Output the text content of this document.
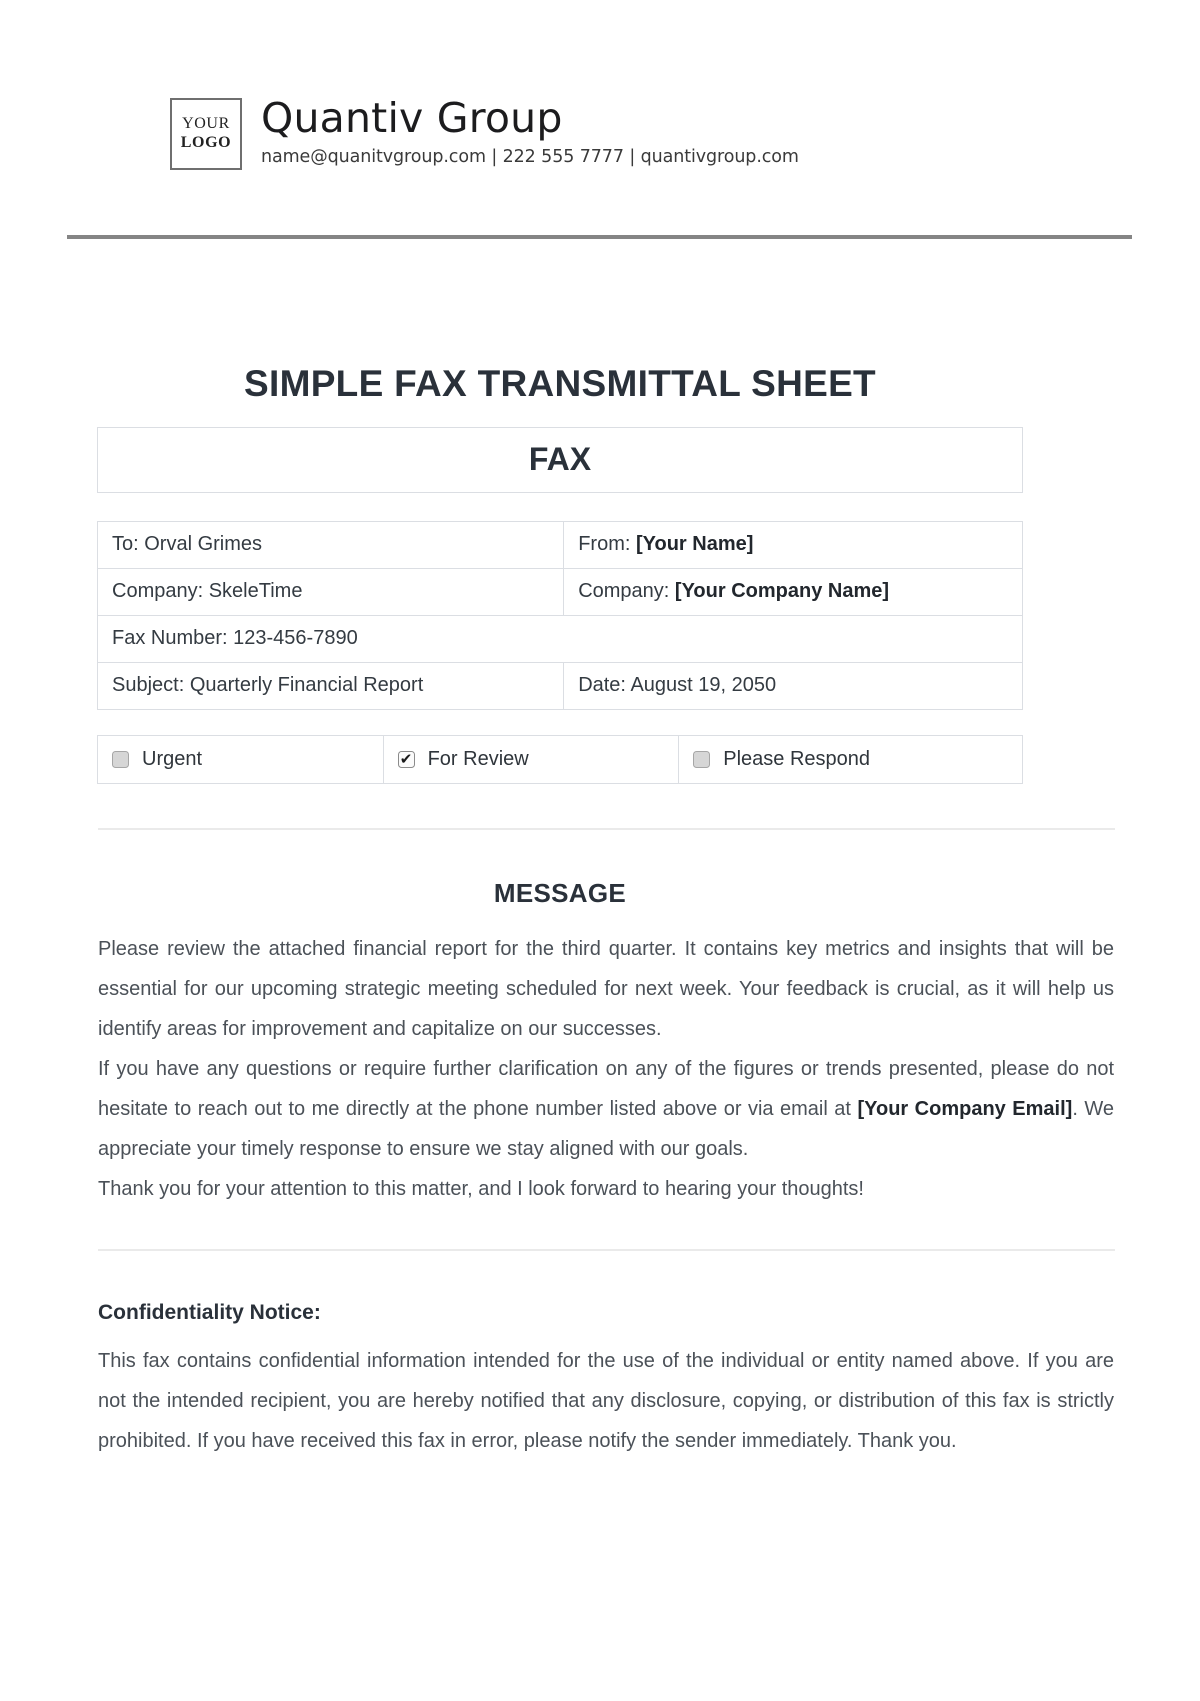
YOUR
LOGO
Quantiv Group
name@quanitvgroup.com | 222 555 7777 | quantivgroup.com
SIMPLE FAX TRANSMITTAL SHEET
FAX
To: Orval Grimes	From: [Your Name]
Company: SkeleTime	Company: [Your Company Name]
Fax Number: 123-456-7890	
Subject: Quarterly Financial Report	Date: August 19, 2050
Urgent ✔	For Review	Please Respond
MESSAGE

Please review the attached financial report for the third quarter. It contains key metrics and insights that will be essential for our upcoming strategic meeting scheduled for next week. Your feedback is crucial, as it will help us identify areas for improvement and capitalize on our successes.

If you have any questions or require further clarification on any of the figures or trends presented, please do not hesitate to reach out to me directly at the phone number listed above or via email at [Your Company Email]. We appreciate your timely response to ensure we stay aligned with our goals.

Thank you for your attention to this matter, and I look forward to hearing your thoughts!

Confidentiality Notice:

This fax contains confidential information intended for the use of the individual or entity named above. If you are not the intended recipient, you are hereby notified that any disclosure, copying, or distribution of this fax is strictly prohibited. If you have received this fax in error, please notify the sender immediately. Thank you.
